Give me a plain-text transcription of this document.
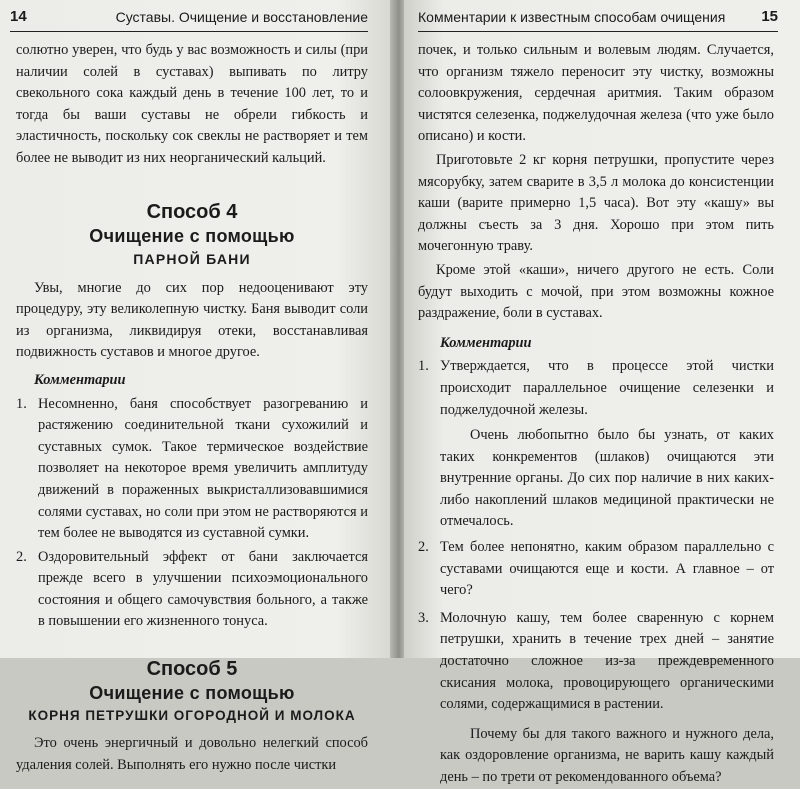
14	Суставы. Очищение и восстановление

солютно уверен, что будь у вас возможность и силы (при наличии солей в суставах) выпивать по литру свекольного сока каждый день в течение 100 лет, то и тогда бы ваши суставы не обрели гибкость и эластичность, поскольку сок свеклы не растворяет и тем более не выводит из них неорганический кальций.

Способ 4
Очищение с помощью
ПАРНОЙ БАНИ

Увы, многие до сих пор недооценивают эту процедуру, эту великолепную чистку. Баня выводит соли из организма, ликвидируя отеки, восстанавливая подвижность суставов и многое другое.

Комментарии
1. Несомненно, баня способствует разогреванию и растяжению соединительной ткани сухожилий и суставных сумок. Такое термическое воздействие позволяет на некоторое время увеличить амплитуду движений в пораженных выкристаллизовавшимися солями суставах, но соли при этом не растворяются и тем более не выводятся из суставной сумки.
2. Оздоровительный эффект от бани заключается прежде всего в улучшении психоэмоционального состояния и общего самочувствия больного, а также в повышении его жизненного тонуса.
Способ 5
Очищение с помощью
КОРНЯ ПЕТРУШКИ ОГОРОДНОЙ И МОЛОКА

Это очень энергичный и довольно нелегкий способ удаления солей. Выполнять его нужно после чистки

Комментарии к известным способам очищения 15

почек, и только сильным и волевым людям. Случается, что организм тяжело переносит эту чистку, возможны солоовкружения, сердечная аритмия. Таким образом чистятся селезенка, поджелудочная железа (что уже было описано) и кости.

Приготовьте 2 кг корня петрушки, пропустите через мясорубку, затем сварите в 3,5 л молока до консистенции каши (варите примерно 1,5 часа). Вот эту «кашу» вы должны съесть за 3 дня. Хорошо при этом пить мочегонную траву.

Кроме этой «каши», ничего другого не есть. Соли будут выходить с мочой, при этом возможны кожное раздражение, боли в суставах.

Комментарии
1. Утверждается, что в процессе этой чистки происходит параллельное очищение селезенки и поджелудочной железы.

Очень любопытно было бы узнать, от каких таких конкрементов (шлаков) очищаются эти внутренние органы. До сих пор наличие в них каких-либо накоплений шлаков медициной практически не отмечалось.

2. Тем более непонятно, каким образом параллельно с суставами очищаются еще и кости. А главное – от чего?
3. Молочную кашу, тем более сваренную с корнем петрушки, хранить в течение трех дней – занятие достаточно сложное из-за преждевременного скисания молока, провоцирующего органическими солями, содержащимися в растении.

Почему бы для такого важного и нужного дела, как оздоровление организма, не варить кашу каждый день – по трети от рекомендованного объема?
